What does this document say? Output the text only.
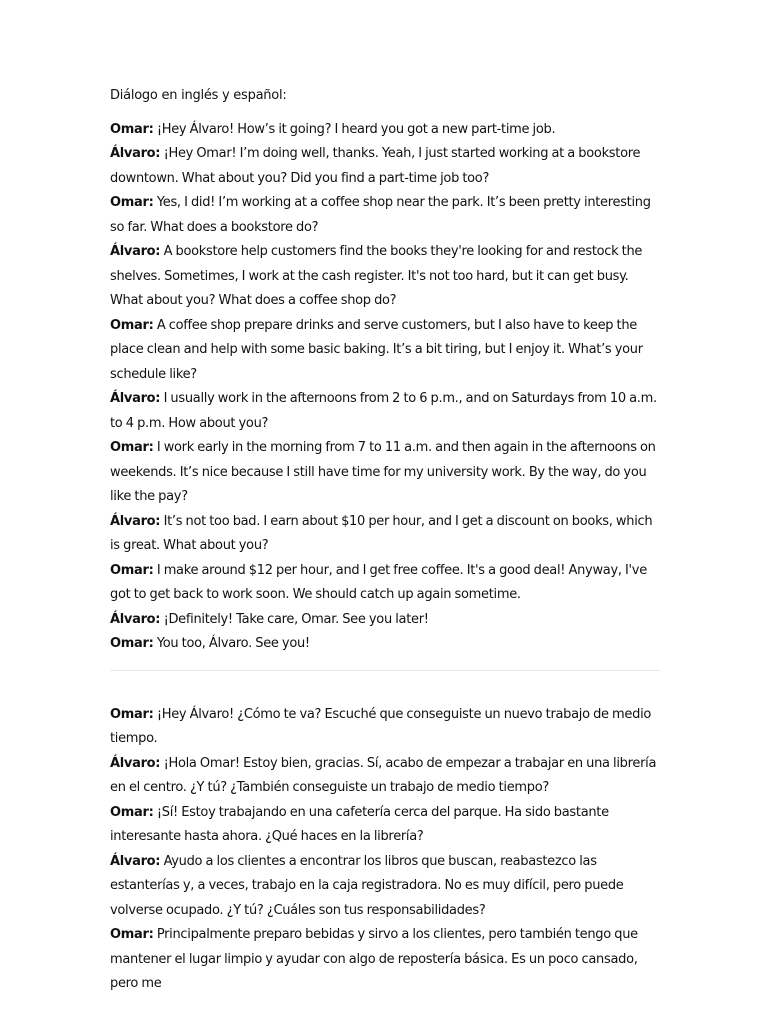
Diálogo en inglés y español:

Omar: ¡Hey Álvaro! How’s it going? I heard you got a new part-time job.

Álvaro: ¡Hey Omar! I’m doing well, thanks. Yeah, I just started working at a bookstore downtown. What about you? Did you find a part-time job too?

Omar: Yes, I did! I’m working at a coffee shop near the park. It’s been pretty interesting so far. What does a bookstore do?

Álvaro: A bookstore help customers find the books they're looking for and restock the shelves. Sometimes, I work at the cash register. It's not too hard, but it can get busy. What about you? What does a coffee shop do?

Omar: A coffee shop prepare drinks and serve customers, but I also have to keep the place clean and help with some basic baking. It’s a bit tiring, but I enjoy it. What’s your schedule like?

Álvaro: I usually work in the afternoons from 2 to 6 p.m., and on Saturdays from 10 a.m. to 4 p.m. How about you?

Omar: I work early in the morning from 7 to 11 a.m. and then again in the afternoons on weekends. It’s nice because I still have time for my university work. By the way, do you like the pay?

Álvaro: It’s not too bad. I earn about $10 per hour, and I get a discount on books, which is great. What about you?

Omar: I make around $12 per hour, and I get free coffee. It's a good deal! Anyway, I've got to get back to work soon. We should catch up again sometime.

Álvaro: ¡Definitely! Take care, Omar. See you later!

Omar: You too, Álvaro. See you!

Omar: ¡Hey Álvaro! ¿Cómo te va? Escuché que conseguiste un nuevo trabajo de medio tiempo.

Álvaro: ¡Hola Omar! Estoy bien, gracias. Sí, acabo de empezar a trabajar en una librería en el centro. ¿Y tú? ¿También conseguiste un trabajo de medio tiempo?

Omar: ¡Sí! Estoy trabajando en una cafetería cerca del parque. Ha sido bastante interesante hasta ahora. ¿Qué haces en la librería?

Álvaro: Ayudo a los clientes a encontrar los libros que buscan, reabastezco las estanterías y, a veces, trabajo en la caja registradora. No es muy difícil, pero puede volverse ocupado. ¿Y tú? ¿Cuáles son tus responsabilidades?

Omar: Principalmente preparo bebidas y sirvo a los clientes, pero también tengo que mantener el lugar limpio y ayudar con algo de repostería básica. Es un poco cansado, pero me
